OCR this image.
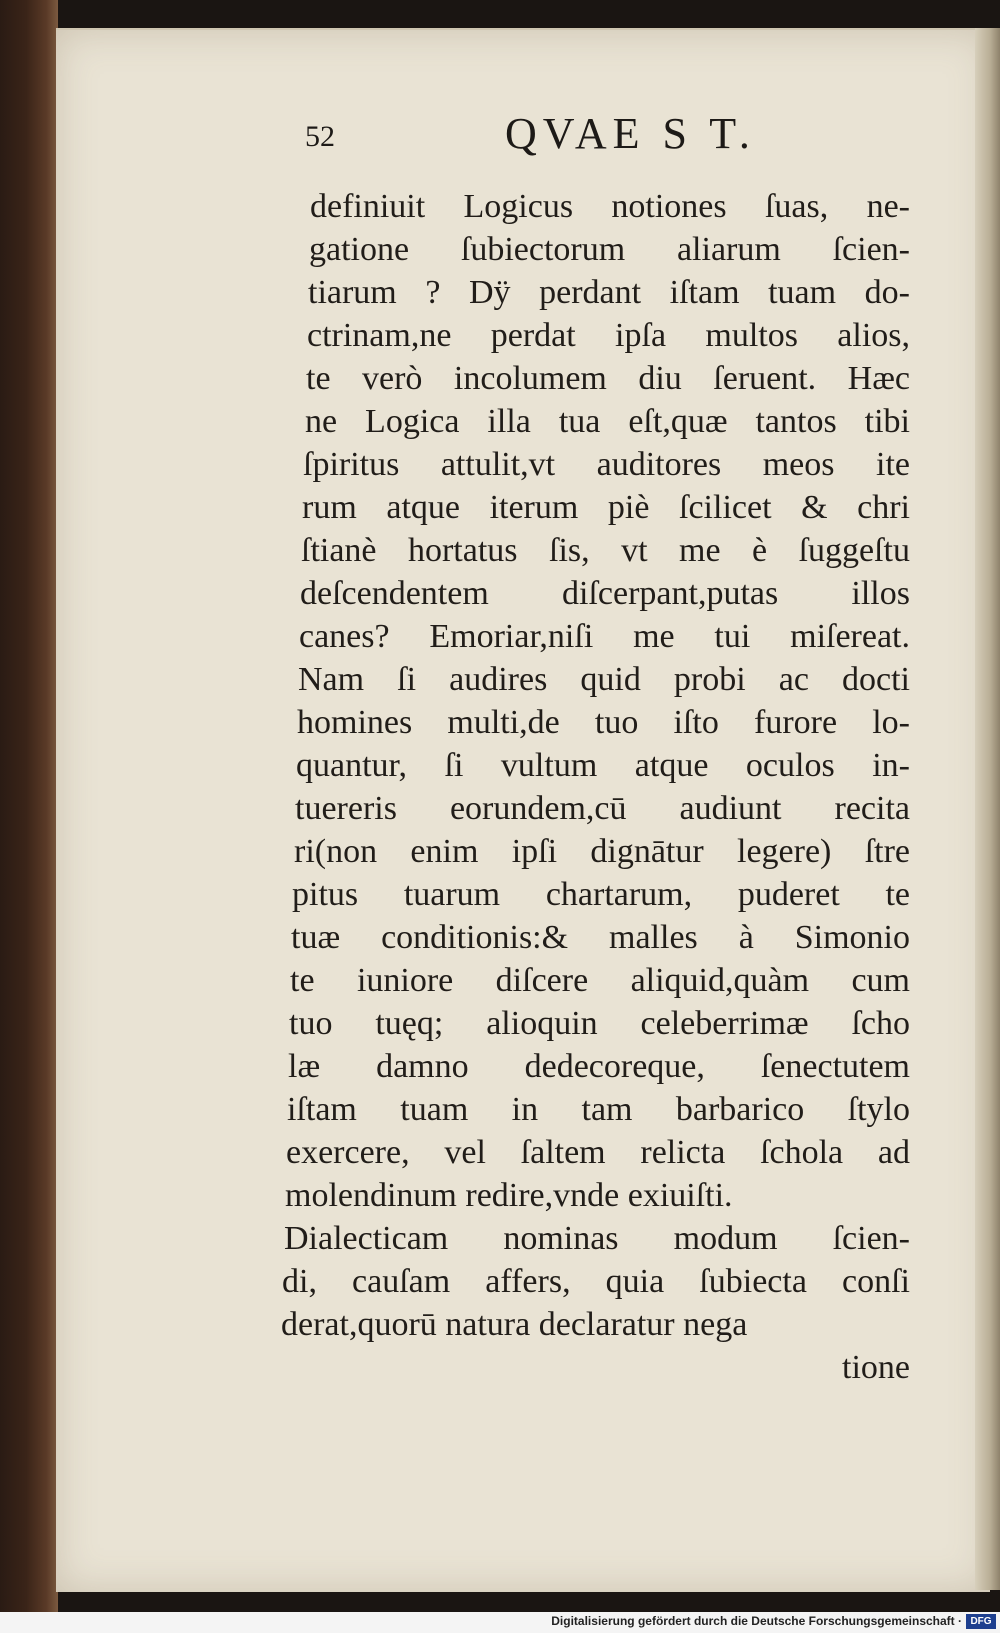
52	QVAE S T.
definiuit Logicus notiones ſuas, ne-
gatione ſubiectorum aliarum ſcien-
tiarum ? Dÿ perdant iſtam tuam do-
ctrinam,ne perdat ipſa multos alios,
te verò incolumem diu ſeruent. Hæc
ne Logica illa tua eſt,quæ tantos tibi
ſpiritus attulit,vt auditores meos ite
rum atque iterum piè ſcilicet & chri
ſtianè hortatus ſis, vt me è ſuggeſtu
deſcendentem diſcerpant,putas illos
canes? Emoriar,niſi me tui miſereat.
Nam ſi audires quid probi ac docti
homines multi,de tuo iſto furore lo-
quantur, ſi vultum atque oculos in-
tuereris eorundem,cū audiunt recita
ri(non enim ipſi dignātur legere) ſtre
pitus tuarum chartarum, puderet te
tuæ conditionis:& malles à Simonio
te iuniore diſcere aliquid,quàm cum
tuo tuęq; alioquin celeberrimæ ſcho
læ damno dedecoreque, ſenectutem
iſtam tuam in tam barbarico ſtylo
exercere, vel ſaltem relicta ſchola ad
molendinum redire,vnde exiuiſti.
Dialecticam nominas modum ſcien-
di, cauſam affers, quia ſubiecta conſi
derat,quorū natura declaratur nega
tione
Digitalisierung gefördert durch die Deutsche Forschungsgemeinschaft · DFG
